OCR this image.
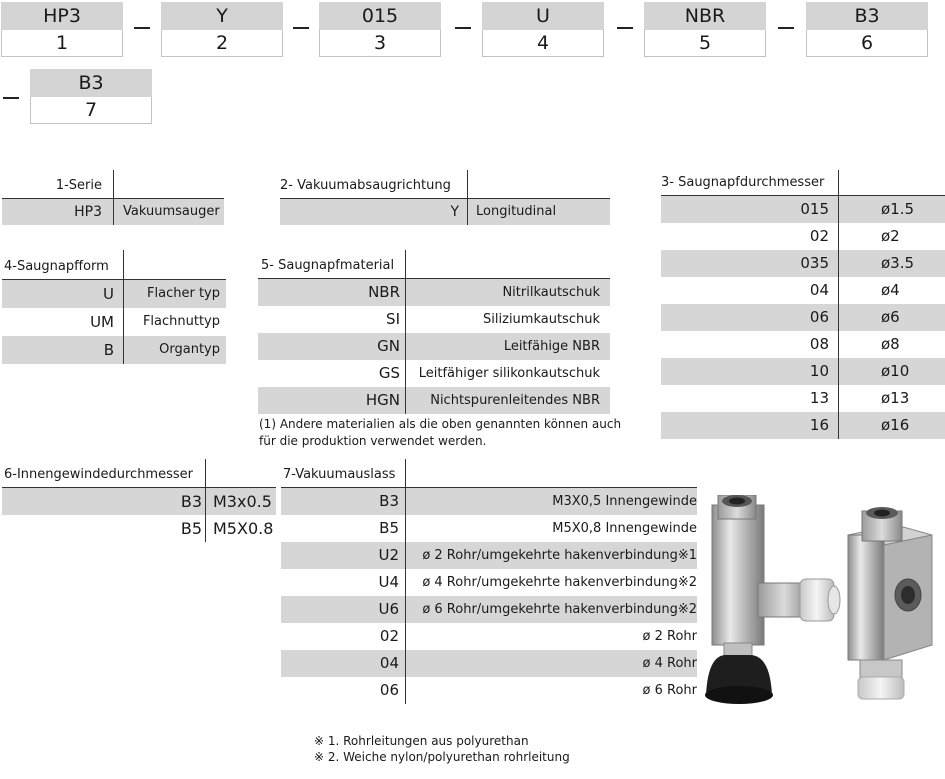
HP3
1
Y
2
015
3
U
4
NBR
5
B3
6
B3
7
1-Serie
HP3 Vakuumsauger
2- Vakuumabsaugrichtung
Y Longitudinal
3- Saugnapfdurchmesser
015	ø1.5
02	ø2
035	ø3.5
04	ø4
06	ø6
08	ø8
10	ø10
13	ø13
16	ø16
4-Saugnapfform
U	Flacher typ
UM Flachnuttyp
B	Organtyp
5- Saugnapfmaterial
NBR	Nitrilkautschuk
SI	Siliziumkautschuk
GN	Leitfähige NBR
GS Leitfähiger silikonkautschuk
HGN Nichtspurenleitendes NBR
(1) Andere materialien als die oben genannten können auch
für die produktion verwendet werden.
6-Innengewindedurchmesser
B3 M3x0.5
B5 M5X0.8
7-Vakuumauslass
B3	M3X0,5 Innengewinde
B5	M5X0,8 Innengewinde
U2 ø 2 Rohr/umgekehrte hakenverbindung※1
U4 ø 4 Rohr/umgekehrte hakenverbindung※2
U6 ø 6 Rohr/umgekehrte hakenverbindung※2
02	ø 2 Rohr
04	ø 4 Rohr
06	ø 6 Rohr
※ 1. Rohrleitungen aus polyurethan
※ 2. Weiche nylon/polyurethan rohrleitung
